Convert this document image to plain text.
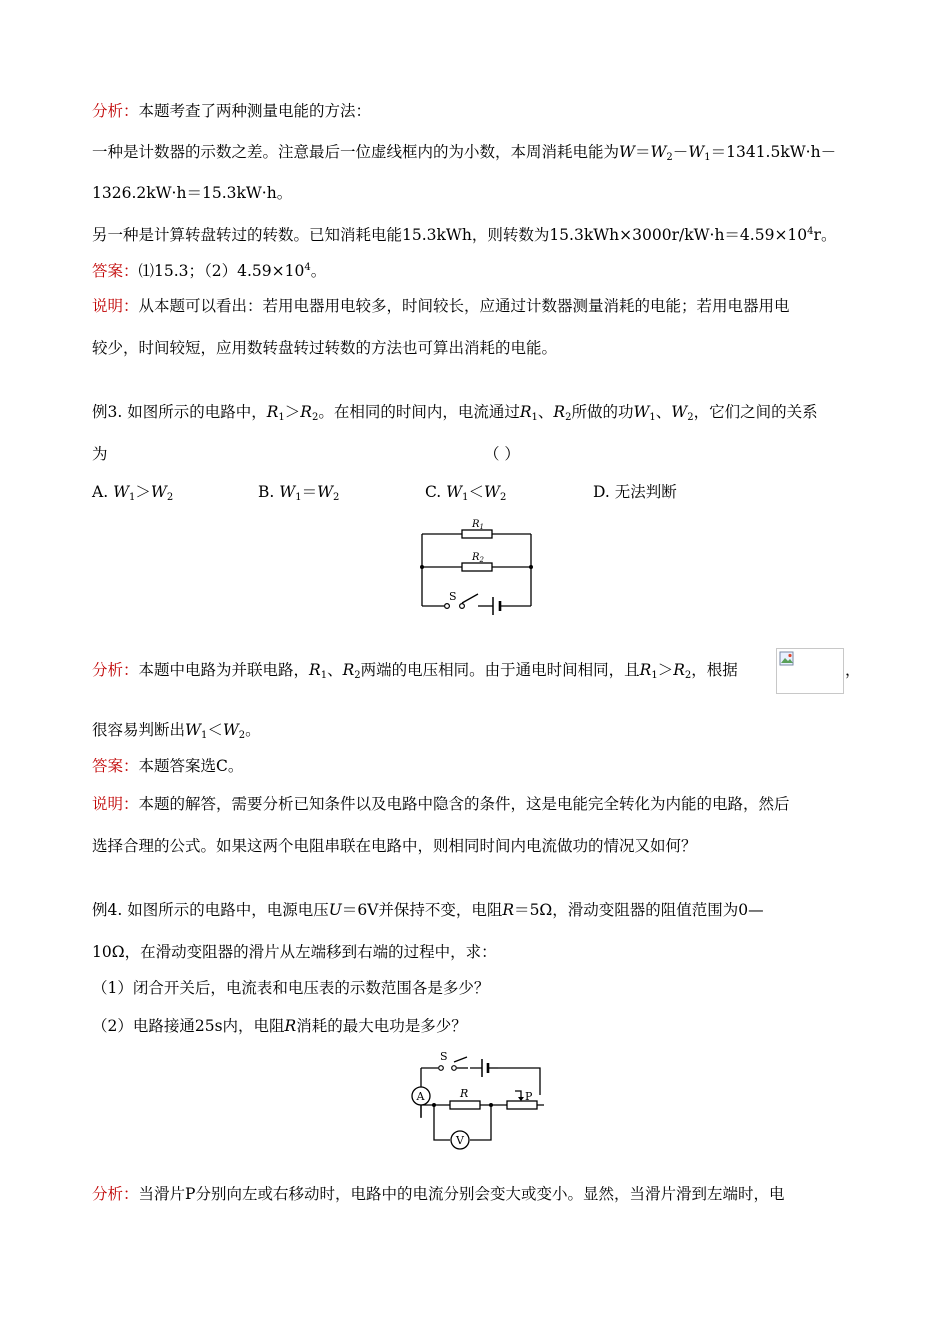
分析：本题考查了两种测量电能的方法：
一种是计数器的示数之差。注意最后一位虚线框内的为小数，本周消耗电能为$W=W_2-W_1=1341.5kW\cdot h-$
1326.2kW·h＝15.3kW·h。
另一种是计算转盘转过的转数。已知消耗电能15.3kWh，则转数为$15.3kWh\times 3000r/kW\cdot h=4.59\times 10^4r$。
答案：⑴15.3；$(2)4.59\times 10^4$。
说明：从本题可以看出：若用电器用电较多，时间较长，应通过计数器测量消耗的电能；若用电器用电
较少，时间较短，应用数转盘转过转数的方法也可算出消耗的电能。
例3. 如图所示的电路中，$R_1>R_2$。在相同的时间内，电流通过$R_1$、$R_2$所做的功$W_1$、$W_2$，它们之间的关系
为	（ ）
A. $W_1>W_2$	B. $W_1=W_2$	C. $W_1<W_2$	D. 无法判断
$R_1$
$R_2$
S
分析：本题中电路为并联电路，$R_1$、$R_2$两端的电压相同。由于通电时间相同，且$R_1>R_2$，根据	，
很容易判断出$W_1<W_2$。
答案：本题答案选C。
说明：本题的解答，需要分析已知条件以及电路中隐含的条件，这是电能完全转化为内能的电路，然后
选择合理的公式。如果这两个电阻串联在电路中，则相同时间内电流做功的情况又如何？
例4. 如图所示的电路中，电源电压U＝6V并保持不变，电阻R＝5Ω，滑动变阻器的阻值范围为0—
10Ω，在滑动变阻器的滑片从左端移到右端的过程中，求：
（1）闭合开关后，电流表和电压表的示数范围各是多少？
（2）电路接通25s内，电阻R消耗的最大电功是多少？
A
V
R
S
P
分析：当滑片P分别向左或右移动时，电路中的电流分别会变大或变小。显然，当滑片滑到左端时，电
